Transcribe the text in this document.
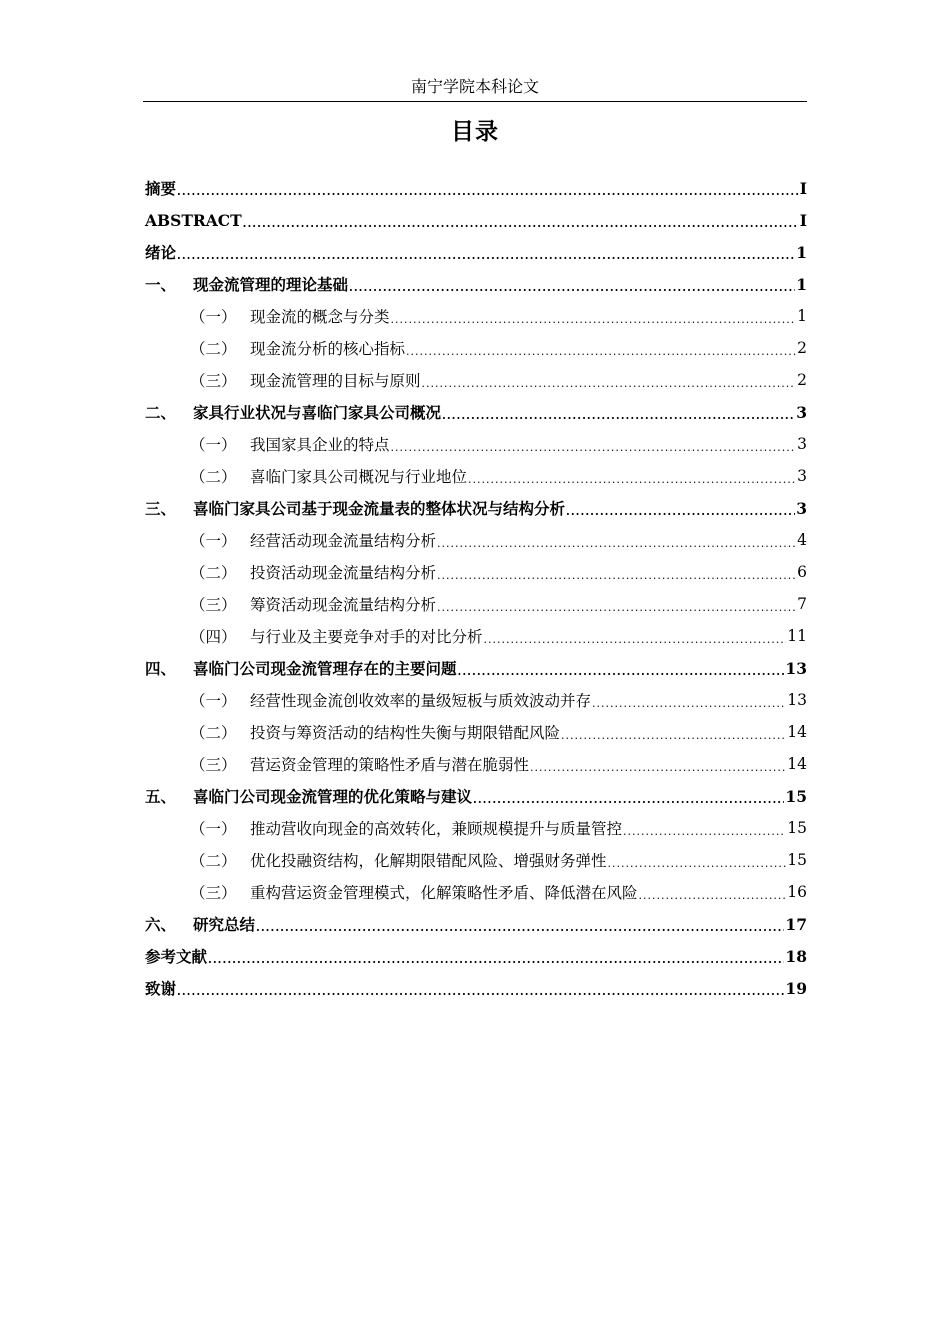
南宁学院本科论文
目录
摘要 .....	I
ABSTRACT .....	I
绪论 .....	1
一、	现金流管理的理论基础 .....	1
（一） 现金流的概念与分类 .....	1
（二） 现金流分析的核心指标 .....	2
（三） 现金流管理的目标与原则 .....	2
二、	家具行业状况与喜临门家具公司概况 .....	3
（一） 我国家具企业的特点 .....	3
（二） 喜临门家具公司概况与行业地位 .....	3
三、	喜临门家具公司基于现金流量表的整体状况与结构分析 .....	3
（一） 经营活动现金流量结构分析 .....	4
（二） 投资活动现金流量结构分析 .....	6
（三） 筹资活动现金流量结构分析 .....	7
（四） 与行业及主要竞争对手的对比分析 .....	11
四、	喜临门公司现金流管理存在的主要问题 .....	13
（一） 经营性现金流创收效率的量级短板与质效波动并存 .....	13
（二） 投资与筹资活动的结构性失衡与期限错配风险 .....	14
（三） 营运资金管理的策略性矛盾与潜在脆弱性 .....	14
五、	喜临门公司现金流管理的优化策略与建议 .....	15
（一） 推动营收向现金的高效转化，兼顾规模提升与质量管控 .....	15
（二） 优化投融资结构，化解期限错配风险、增强财务弹性 .....	15
（三） 重构营运资金管理模式，化解策略性矛盾、降低潜在风险 .....	16
六、	研究总结 .....	17
参考文献 .....	18
致谢 .....	19
